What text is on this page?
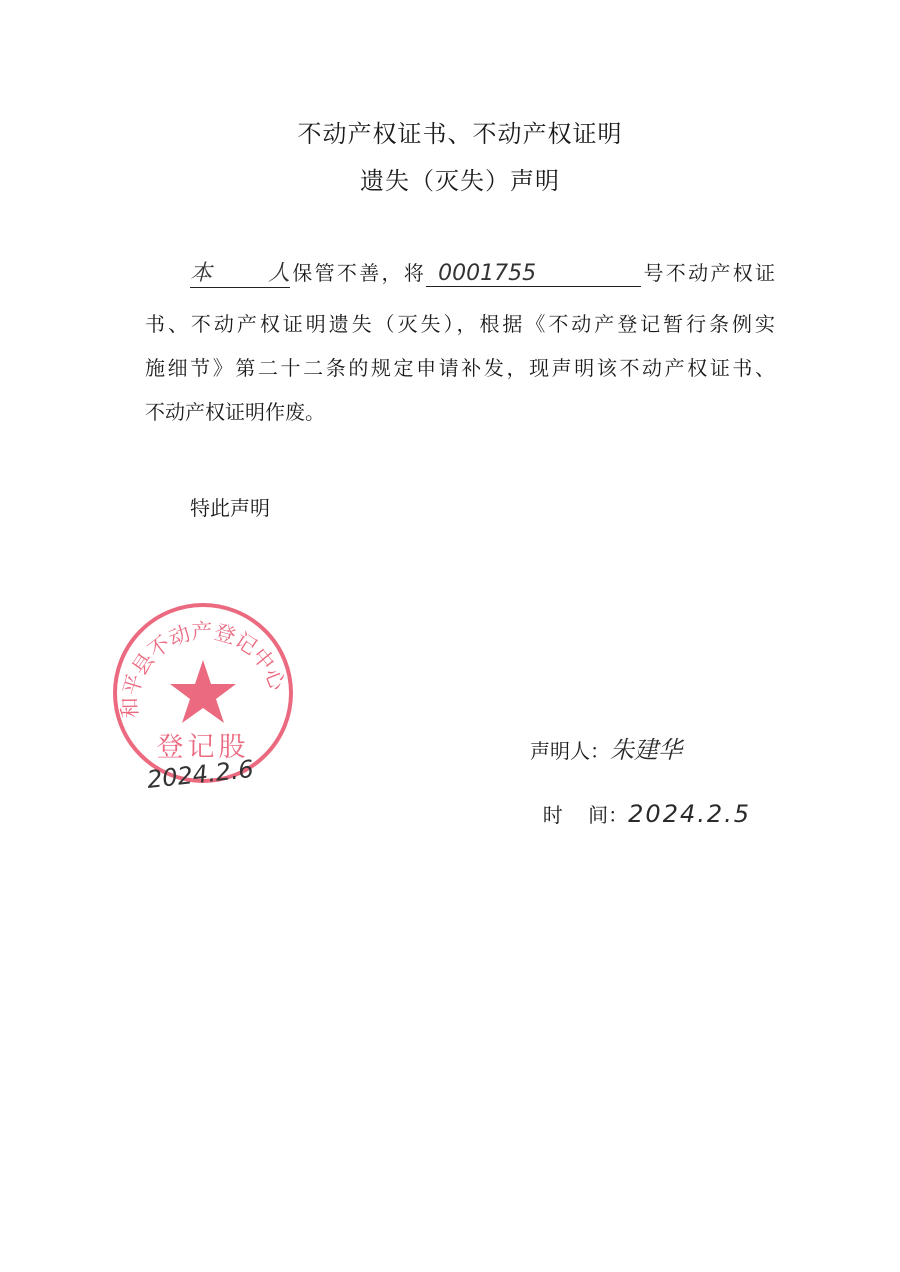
不动产权证书、不动产权证明
遗失（灭失）声明
本人保管不善，将 0001755	号不动产权证
书、不动产权证明遗失（灭失），根据《不动产登记暂行条例实
施细节》第二十二条的规定申请补发，现声明该不动产权证书、
不动产权证明作废。
特此声明
和平县不动产登记中心
登记股
2024.2.6
声明人：朱建华

时    间：2024.2.5
